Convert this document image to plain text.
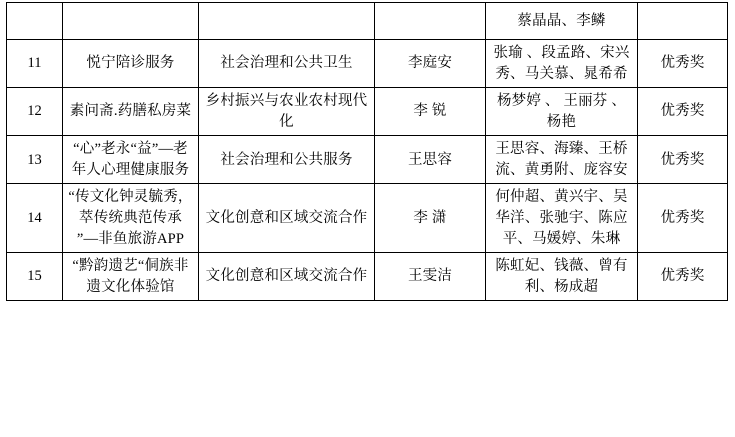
				蔡晶晶、李鳞	
11	悦宁陪诊服务	社会治理和公共卫生	李庭安	张瑜 、段孟路、宋兴秀、马关慕、晁希希	优秀奖
12	素问斋.药膳私房菜	乡村振兴与农业农村现代化	李 锐	杨梦婷 、 王丽芬 、 杨艳	优秀奖
13	“心”老永“益”—老年人心理健康服务	社会治理和公共服务	王思容	王思容、海臻、王桥流、黄勇附、庞容安	优秀奖
14	“传文化钟灵毓秀，萃传统典范传承 ”—非鱼旅游APP	文化创意和区域交流合作	李 潇	何仲超、黄兴宇、吴华洋、张驰宇、陈应平、马媛婷、朱琳	优秀奖
15	“黔韵遗艺“侗族非遗文化体验馆	文化创意和区域交流合作	王雯洁	陈虹妃、钱薇、曾有利、杨成超	优秀奖
